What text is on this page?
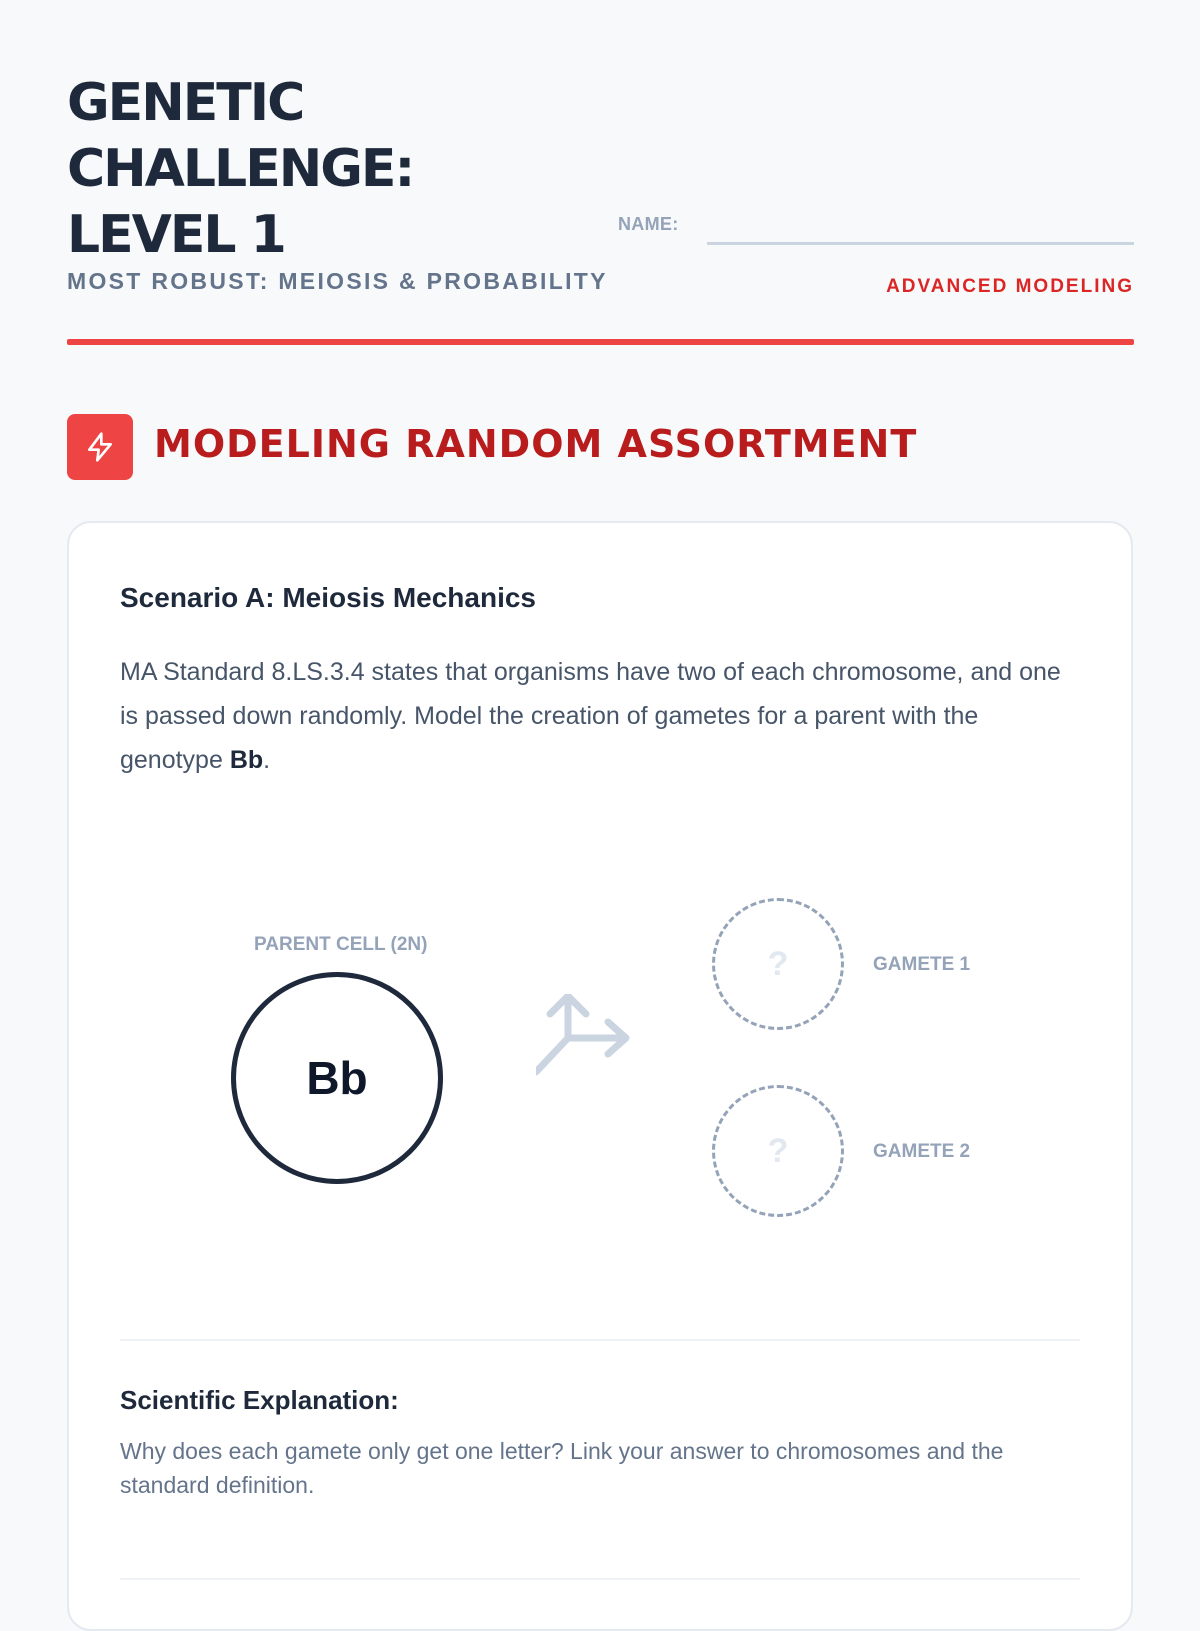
GENETIC
CHALLENGE:
LEVEL 1

MOST ROBUST: MEIOSIS & PROBABILITY

NAME:
ADVANCED MODELING
MODELING RANDOM ASSORTMENT
Scenario A: Meiosis Mechanics

MA Standard 8.LS.3.4 states that organisms have two of each chromosome, and one is passed down randomly. Model the creation of gametes for a parent with the genotype Bb.

PARENT CELL (2N)
Bb
?	GAMETE 1
?	GAMETE 2
Scientific Explanation:

Why does each gamete only get one letter? Link your answer to chromosomes and the standard definition.
